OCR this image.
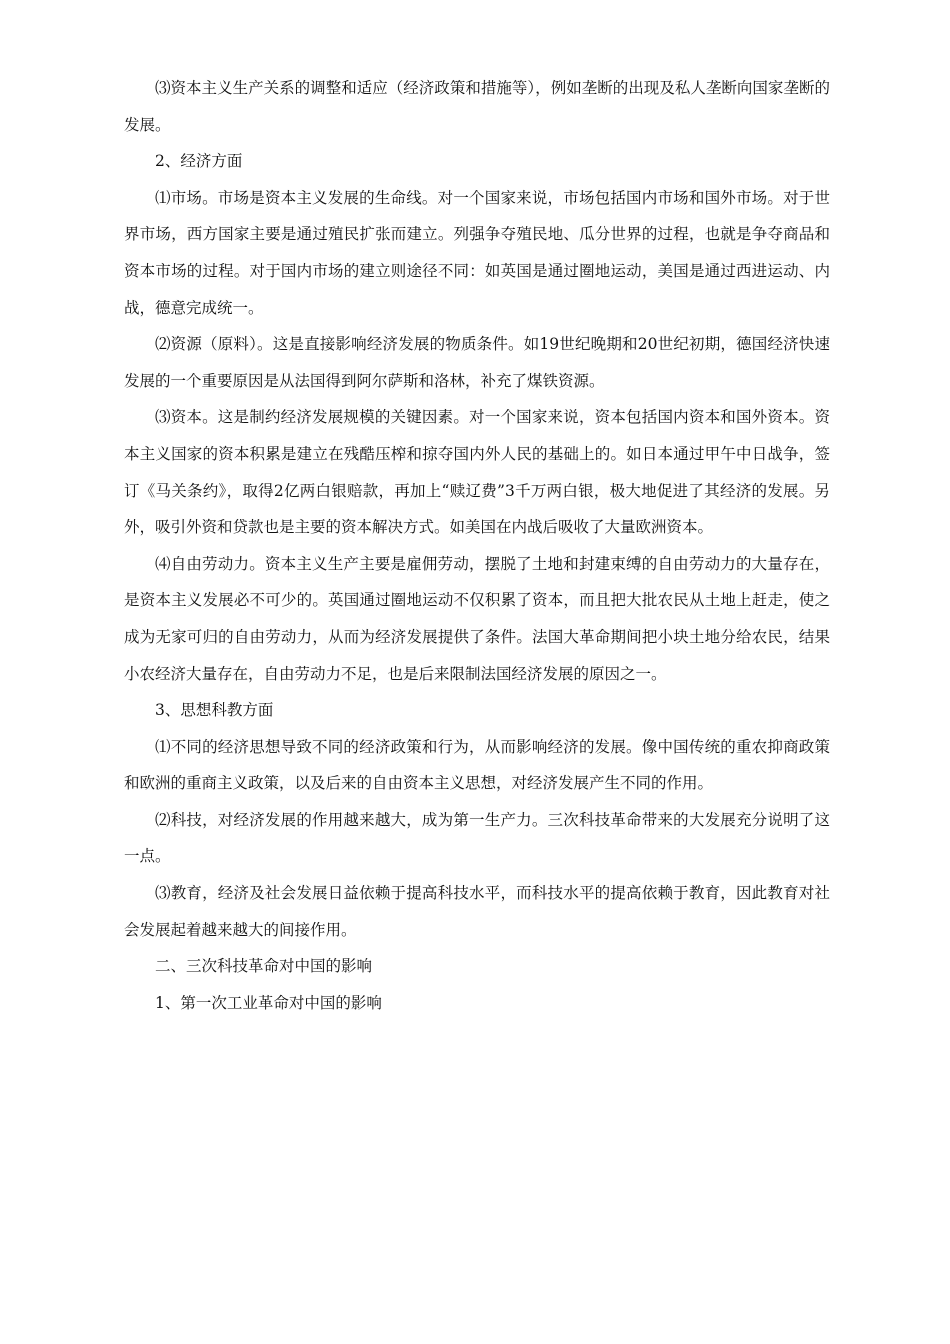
⑶资本主义生产关系的调整和适应（经济政策和措施等），例如垄断的出现及私人垄断向国家垄断的发展。

2、经济方面

⑴市场。市场是资本主义发展的生命线。对一个国家来说，市场包括国内市场和国外市场。对于世界市场，西方国家主要是通过殖民扩张而建立。列强争夺殖民地、瓜分世界的过程，也就是争夺商品和资本市场的过程。对于国内市场的建立则途径不同：如英国是通过圈地运动，美国是通过西进运动、内战，德意完成统一。

⑵资源（原料）。这是直接影响经济发展的物质条件。如19世纪晚期和20世纪初期，德国经济快速发展的一个重要原因是从法国得到阿尔萨斯和洛林，补充了煤铁资源。

⑶资本。这是制约经济发展规模的关键因素。对一个国家来说，资本包括国内资本和国外资本。资本主义国家的资本积累是建立在残酷压榨和掠夺国内外人民的基础上的。如日本通过甲午中日战争，签订《马关条约》，取得2亿两白银赔款，再加上“赎辽费”3千万两白银，极大地促进了其经济的发展。另外，吸引外资和贷款也是主要的资本解决方式。如美国在内战后吸收了大量欧洲资本。

⑷自由劳动力。资本主义生产主要是雇佣劳动，摆脱了土地和封建束缚的自由劳动力的大量存在，是资本主义发展必不可少的。英国通过圈地运动不仅积累了资本，而且把大批农民从土地上赶走，使之成为无家可归的自由劳动力，从而为经济发展提供了条件。法国大革命期间把小块土地分给农民，结果小农经济大量存在，自由劳动力不足，也是后来限制法国经济发展的原因之一。

3、思想科教方面

⑴不同的经济思想导致不同的经济政策和行为，从而影响经济的发展。像中国传统的重农抑商政策和欧洲的重商主义政策，以及后来的自由资本主义思想，对经济发展产生不同的作用。

⑵科技，对经济发展的作用越来越大，成为第一生产力。三次科技革命带来的大发展充分说明了这一点。

⑶教育，经济及社会发展日益依赖于提高科技水平，而科技水平的提高依赖于教育，因此教育对社会发展起着越来越大的间接作用。

二、三次科技革命对中国的影响

1、第一次工业革命对中国的影响
